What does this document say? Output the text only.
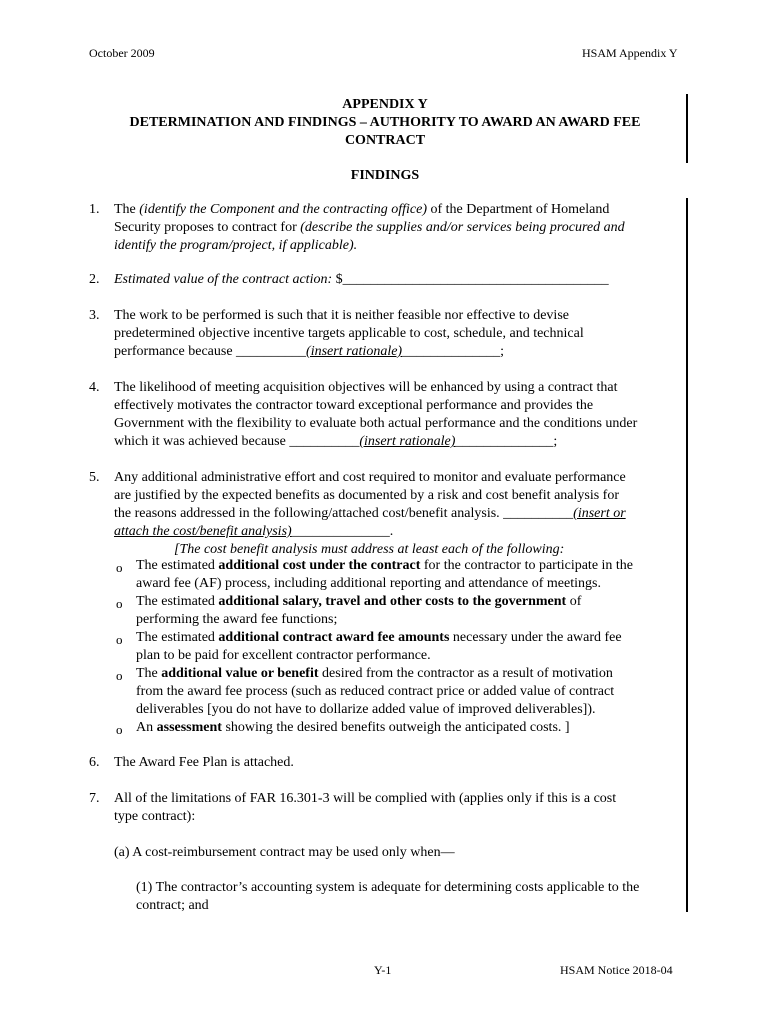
October 2009	HSAM Appendix Y
APPENDIX Y
DETERMINATION AND FINDINGS – AUTHORITY TO AWARD AN AWARD FEE
CONTRACT
FINDINGS
1. The (identify the Component and the contracting office) of the Department of Homeland
Security proposes to contract for (describe the supplies and/or services being procured and
identify the program/project, if applicable).
2. Estimated value of the contract action: $______________________________________
3. The work to be performed is such that it is neither feasible nor effective to devise
predetermined objective incentive targets applicable to cost, schedule, and technical
performance because __________(insert rationale)______________;
4. The likelihood of meeting acquisition objectives will be enhanced by using a contract that
effectively motivates the contractor toward exceptional performance and provides the
Government with the flexibility to evaluate both actual performance and the conditions under
which it was achieved because __________(insert rationale)______________;
5. Any additional administrative effort and cost required to monitor and evaluate performance
are justified by the expected benefits as documented by a risk and cost benefit analysis for
the reasons addressed in the following/attached cost/benefit analysis. __________(insert or
attach the cost/benefit analysis)______________.
[The cost benefit analysis must address at least each of the following:
o The estimated additional cost under the contract for the contractor to participate in the
award fee (AF) process, including additional reporting and attendance of meetings.
o The estimated additional salary, travel and other costs to the government of
performing the award fee functions;
o The estimated additional contract award fee amounts necessary under the award fee
plan to be paid for excellent contractor performance.
o The additional value or benefit desired from the contractor as a result of motivation
from the award fee process (such as reduced contract price or added value of contract
deliverables [you do not have to dollarize added value of improved deliverables]).
o An assessment showing the desired benefits outweigh the anticipated costs. ]
6. The Award Fee Plan is attached.
7. All of the limitations of FAR 16.301-3 will be complied with (applies only if this is a cost
type contract):
(a) A cost-reimbursement contract may be used only when—
(1) The contractor’s accounting system is adequate for determining costs applicable to the
contract; and
Y-1	HSAM Notice 2018-04
